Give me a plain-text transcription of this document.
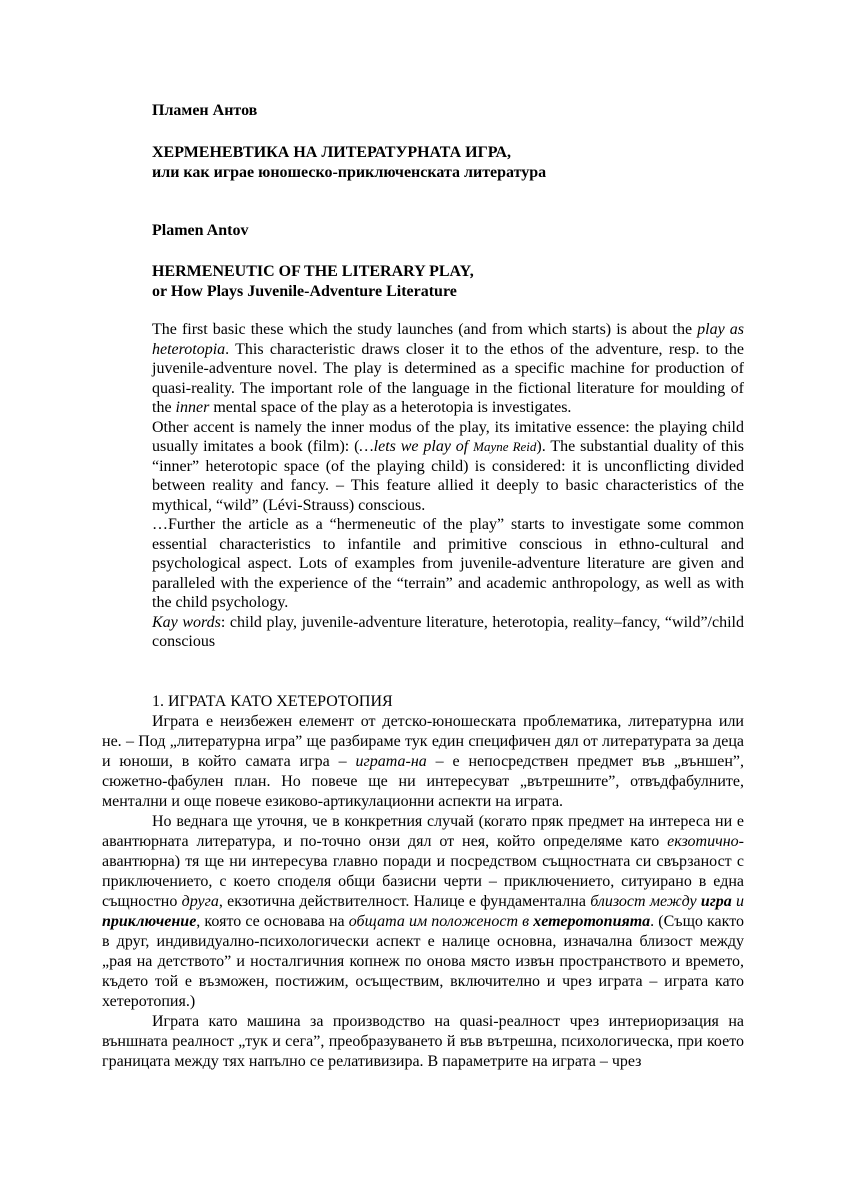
Пламен Антов
ХЕРМЕНЕВТИКА НА ЛИТЕРАТУРНАТА ИГРА,
или как играе юношеско-приключенската литература
Plamen Antov
HERMENEUTIC OF THE LITERARY PLAY,
or How Plays Juvenile-Adventure Literature

The first basic these which the study launches (and from which starts) is about the play as heterotopia. This characteristic draws closer it to the ethos of the adventure, resp. to the juvenile-adventure novel. The play is determined as a specific machine for production of quasi-reality. The important role of the language in the fictional literature for moulding of the inner mental space of the play as a heterotopia is investigates.

Other accent is namely the inner modus of the play, its imitative essence: the playing child usually imitates a book (film): (…lets we play of Mayne Reid). The substantial duality of this “inner” heterotopic space (of the playing child) is considered: it is unconflicting divided between reality and fancy. – This feature allied it deeply to basic characteristics of the mythical, “wild” (Lévi-Strauss) conscious.

…Further the article as a “hermeneutic of the play” starts to investigate some common essential characteristics to infantile and primitive conscious in ethno-cultural and psychological aspect. Lots of examples from juvenile-adventure literature are given and paralleled with the experience of the “terrain” and academic anthropology, as well as with the child psychology.

Kay words: child play, juvenile-adventure literature, heterotopia, reality–fancy, “wild”/child conscious

1. ИГРАТА КАТО ХЕТЕРОТОПИЯ

Играта е неизбежен елемент от детско-юношеската проблематика, литературна или не. – Под „литературна игра” ще разбираме тук един специфичен дял от литературата за деца и юноши, в който самата игра – играта-на – е непосредствен предмет във „външен”, сюжетно-фабулен план. Но повече ще ни интересуват „вътрешните”, отвъдфабулните, ментални и още повече езиково-артикулационни аспекти на играта.

Но веднага ще уточня, че в конкретния случай (когато пряк предмет на интереса ни е авантюрната литература, и по-точно онзи дял от нея, който определяме като екзотично-авантюрна) тя ще ни интересува главно поради и посредством същностната си свързаност с приключението, с което споделя общи базисни черти – приключението, ситуирано в една същностно друга, екзотична действителност. Налице е фундаментална близост между игра и приключение, която се основава на общата им положеност в хетеротопията. (Също както в друг, индивидуално-психологически аспект е налице основна, изначална близост между „рая на детството” и носталгичния копнеж по онова място извън пространството и времето, където той е възможен, постижим, осъществим, включително и чрез играта – играта като хетеротопия.)

Играта като машина за производство на quasi-реалност чрез интериоризация на външната реалност „тук и сега”, преобразуването й във вътрешна, психологическа, при което границата между тях напълно се релативизира. В параметрите на играта – чрез
